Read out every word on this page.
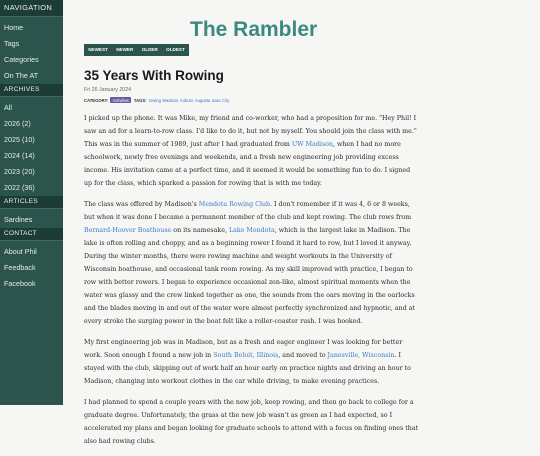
NAVIGATION
Home
Tags
Categories
On The AT
ARCHIVES
All
2026 (2)
2025 (10)
2024 (14)
2023 (20)
2022 (36)
ARTICLES
Sardines
CONTACT
About Phil
Feedback
Facebook
The Rambler
NEWEST	NEWER	OLDER	OLDEST
35 Years With Rowing
Fri 26 January 2024
CATEGORY: Activities	TAGS: rowing Madison Auburn Augusta Iowa City

I picked up the phone. It was Mike, my friend and co-worker, who had a proposition for me. "Hey Phil! I saw an ad for a learn-to-row class. I'd like to do it, but not by myself. You should join the class with me." This was in the summer of 1989, just after I had graduated from UW Madison, when I had no more schoolwork, newly free evenings and weekends, and a fresh new engineering job providing excess income. His invitation came at a perfect time, and it seemed it would be something fun to do. I signed up for the class, which sparked a passion for rowing that is with me today.

The class was offered by Madison's Mendota Rowing Club. I don't remember if it was 4, 6 or 8 weeks, but when it was done I became a permanent member of the club and kept rowing. The club rows from Bernard-Hoover Boathouse on its namesake, Lake Mendota, which is the largest lake in Madison. The lake is often rolling and choppy, and as a beginning rower I found it hard to row, but I loved it anyway. During the winter months, there were rowing machine and weight workouts in the University of Wisconsin boathouse, and occasional tank room rowing. As my skill improved with practice, I began to row with better rowers. I began to experience occasional zen-like, almost spiritual moments when the water was glassy and the crew linked together as one, the sounds from the oars moving in the oarlocks and the blades moving in and out of the water were almost perfectly synchronized and hypnotic, and at every stroke the surging power in the boat felt like a roller-coaster rush. I was hooked.

My first engineering job was in Madison, but as a fresh and eager engineer I was looking for better work. Soon enough I found a new job in South Beloit, Illinois, and moved to Janesville, Wisconsin. I stayed with the club, skipping out of work half an hour early on practice nights and driving an hour to Madison, changing into workout clothes in the car while driving, to make evening practices.

I had planned to spend a couple years with the new job, keep rowing, and then go back to college for a graduate degree. Unfortunately, the grass at the new job wasn't as green as I had expected, so I accelerated my plans and began looking for graduate schools to attend with a focus on finding ones that also had rowing clubs.
